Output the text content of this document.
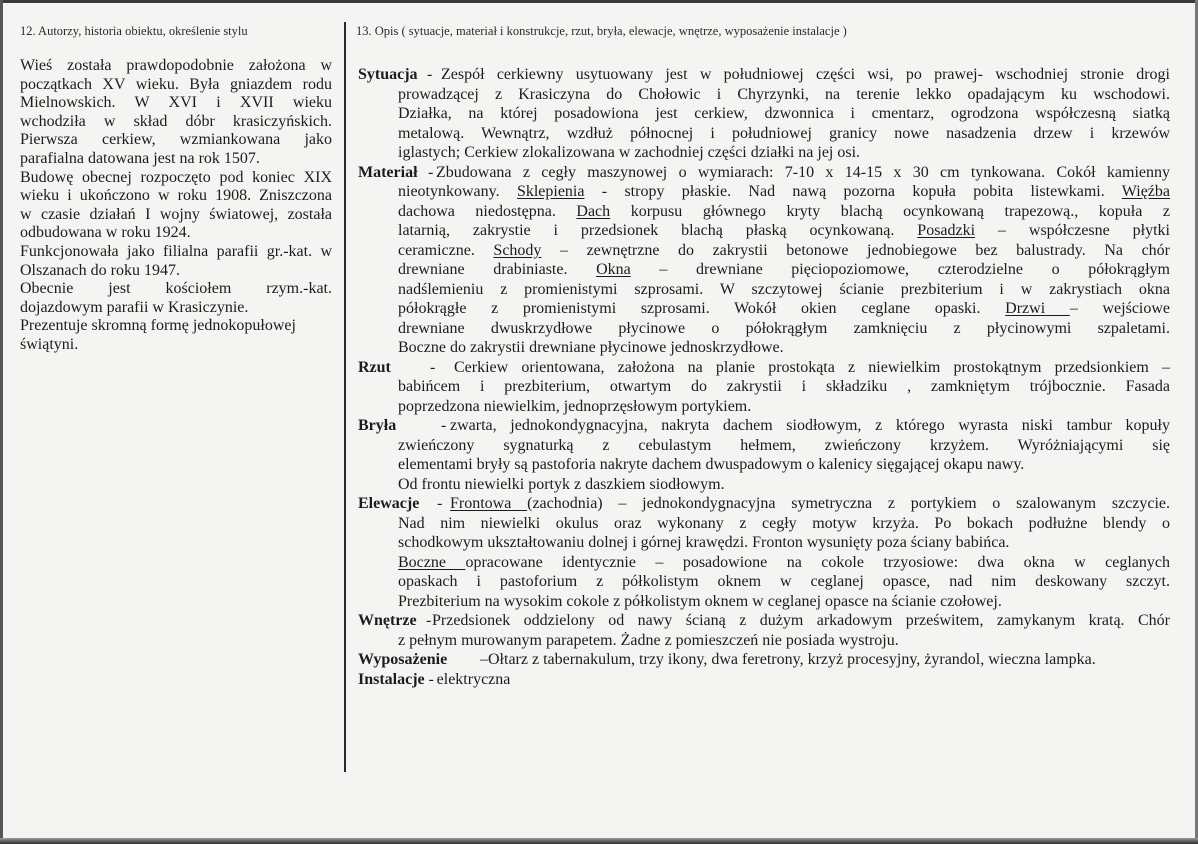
12. Autorzy, historia obiektu, określenie stylu	13. Opis ( sytuacje, materiał i konstrukcje, rzut, bryła, elewacje, wnętrze, wyposażenie instalacje )
Wieś została prawdopodobnie założona w
początkach XV wieku. Była gniazdem rodu
Mielnowskich. W XVI i XVII wieku
wchodziła w skład dóbr krasiczyńskich.
Pierwsza cerkiew, wzmiankowana jako
parafialna datowana jest na rok 1507.
Budowę obecnej rozpoczęto pod koniec XIX
wieku i ukończono w roku 1908. Zniszczona
w czasie działań I wojny światowej, została
odbudowana w roku 1924.
Funkcjonowała jako filialna parafii gr.-kat. w
Olszanach do roku 1947.
Obecnie jest kościołem rzym.-kat.
dojazdowym parafii w Krasiczynie.
Prezentuje skromną formę jednokopułowej
świątyni.
Sytuacja - Zespół cerkiewny usytuowany jest w południowej części wsi, po prawej- wschodniej stronie drogi
prowadzącej z Krasiczyna do Chołowic i Chyrzynki, na terenie lekko opadającym ku wschodowi.
Działka, na której posadowiona jest cerkiew, dzwonnica i cmentarz, ogrodzona współczesną siatką
metalową. Wewnątrz, wzdłuż północnej i południowej granicy nowe nasadzenia drzew i krzewów
iglastych; Cerkiew zlokalizowana w zachodniej części działki na jej osi.
Materiał - Zbudowana z cegły maszynowej o wymiarach: 7-10 x 14-15 x 30 cm tynkowana. Cokół kamienny
nieotynkowany. Sklepienia - stropy płaskie. Nad nawą pozorna kopuła pobita listewkami. Więźba
dachowa niedostępna. Dach korpusu głównego kryty blachą ocynkowaną trapezową., kopuła z
latarnią, zakrystie i przedsionek blachą płaską ocynkowaną. Posadzki – współczesne płytki
ceramiczne. Schody – zewnętrzne do zakrystii betonowe jednobiegowe bez balustrady. Na chór
drewniane drabiniaste. Okna – drewniane pięciopoziomowe, czterodzielne o półokrągłym
nadślemieniu z promienistymi szprosami. W szczytowej ścianie prezbiterium i w zakrystiach okna
półokrągłe z promienistymi szprosami. Wokół okien ceglane opaski. Drzwi – wejściowe
drewniane dwuskrzydłowe płycinowe o półokrągłym zamknięciu z płycinowymi szpaletami.
Boczne do zakrystii drewniane płycinowe jednoskrzydłowe.
Rzut	-	Cerkiew orientowana, założona na planie prostokąta z niewielkim prostokątnym przedsionkiem –
babińcem i prezbiterium, otwartym do zakrystii i składziku , zamkniętym trójbocznie. Fasada
poprzedzona niewielkim, jednoprzęsłowym portykiem.
Bryła	- zwarta, jednokondygnacyjna, nakryta dachem siodłowym, z którego wyrasta niski tambur kopuły
zwieńczony sygnaturką z cebulastym hełmem, zwieńczony krzyżem. Wyróżniającymi się
elementami bryły są pastoforia nakryte dachem dwuspadowym o kalenicy sięgającej okapu nawy.
Od frontu niewielki portyk z daszkiem siodłowym.
Elewacje	- Frontowa (zachodnia) – jednokondygnacyjna symetryczna z portykiem o szalowanym szczycie.
Nad nim niewielki okulus oraz wykonany z cegły motyw krzyża. Po bokach podłużne blendy o
schodkowym ukształtowaniu dolnej i górnej krawędzi. Fronton wysunięty poza ściany babińca.
Boczne opracowane identycznie – posadowione na cokole trzyosiowe: dwa okna w ceglanych
opaskach i pastoforium z półkolistym oknem w ceglanej opasce, nad nim deskowany szczyt.
Prezbiterium na wysokim cokole z półkolistym oknem w ceglanej opasce na ścianie czołowej.
Wnętrze - Przedsionek oddzielony od nawy ścianą z dużym arkadowym prześwitem, zamykanym kratą. Chór
z pełnym murowanym parapetem. Żadne z pomieszczeń nie posiada wystroju.
Wyposażenie	– Ołtarz z tabernakulum, trzy ikony, dwa feretrony, krzyż procesyjny, żyrandol, wieczna lampka.
Instalacje - elektryczna
